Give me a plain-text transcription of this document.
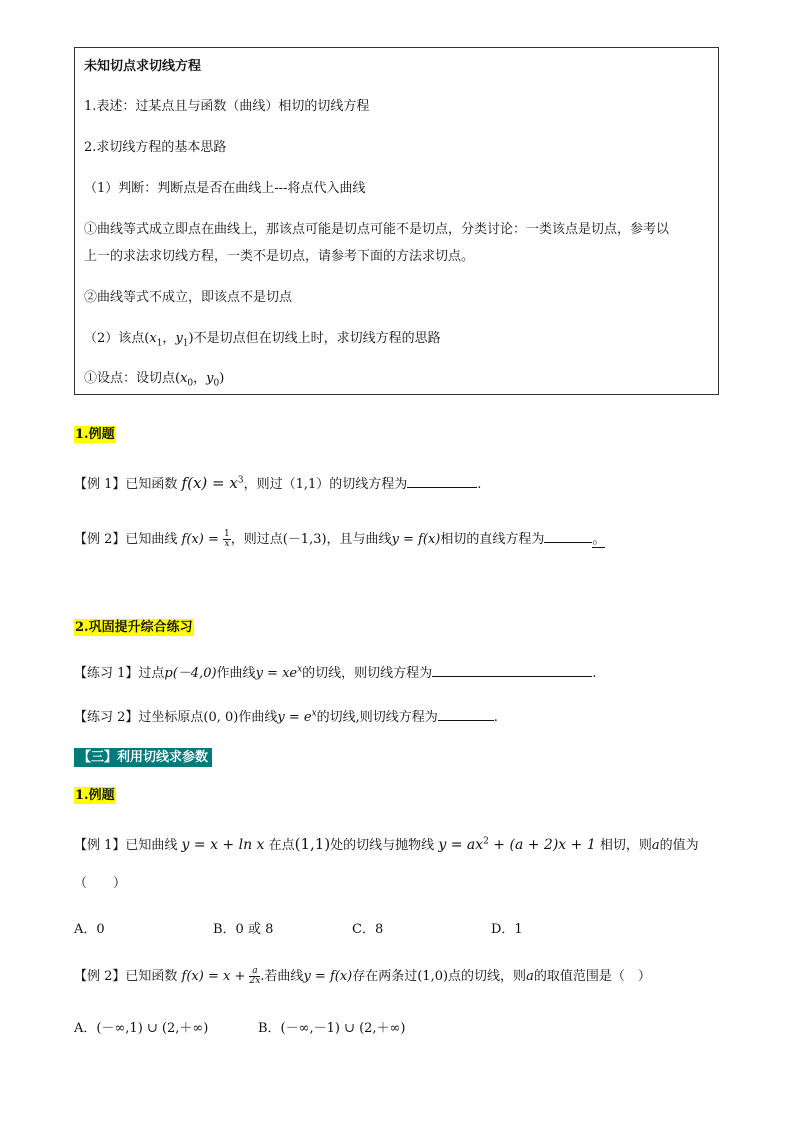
未知切点求切线方程
1.表述：过某点且与函数（曲线）相切的切线方程
2.求切线方程的基本思路
（1）判断：判断点是否在曲线上---将点代入曲线
①曲线等式成立即点在曲线上，那该点可能是切点可能不是切点，分类讨论：一类该点是切点，参考以
上一的求法求切线方程，一类不是切点，请参考下面的方法求切点。
②曲线等式不成立，即该点不是切点
（2）该点($x_1$，$y_1$)不是切点但在切线上时，求切线方程的思路
①设点：设切点($x_0$，$y_0$)
1.例题
【例 1】已知函数 $f(x) = x^3$，则过（1,1）的切线方程为	.
【例 2】已知曲线 $f(x) = \frac{1}{x}$ ，则过点(－1,3)，且与曲线y = f(x)相切的直线方程为	。
2.巩固提升综合练习
【练习 1】过点p(－4,0)作曲线$y = xe^x$的切线，则切线方程为	.
【练习 2】过坐标原点(0, 0)作曲线$y = e^x$的切线,则切线方程为	.
【三】利用切线求参数
1.例题
【例 1】已知曲线 y = x + ln x 在点(1,1)处的切线与抛物线 $y = ax^2 + (a + 2)x + 1$ 相切，则a的值为
（　　）
A．0	B．0 或 8	C．8	D．1
【例 2】已知函数 $f(x) = x + \frac{a}{2x}$ .若曲线y = f(x)存在两条过(1,0)点的切线，则a的取值范围是（　）
A．(－∞,1) ∪ (2,＋∞)	B．(－∞,－1) ∪ (2,＋∞)
